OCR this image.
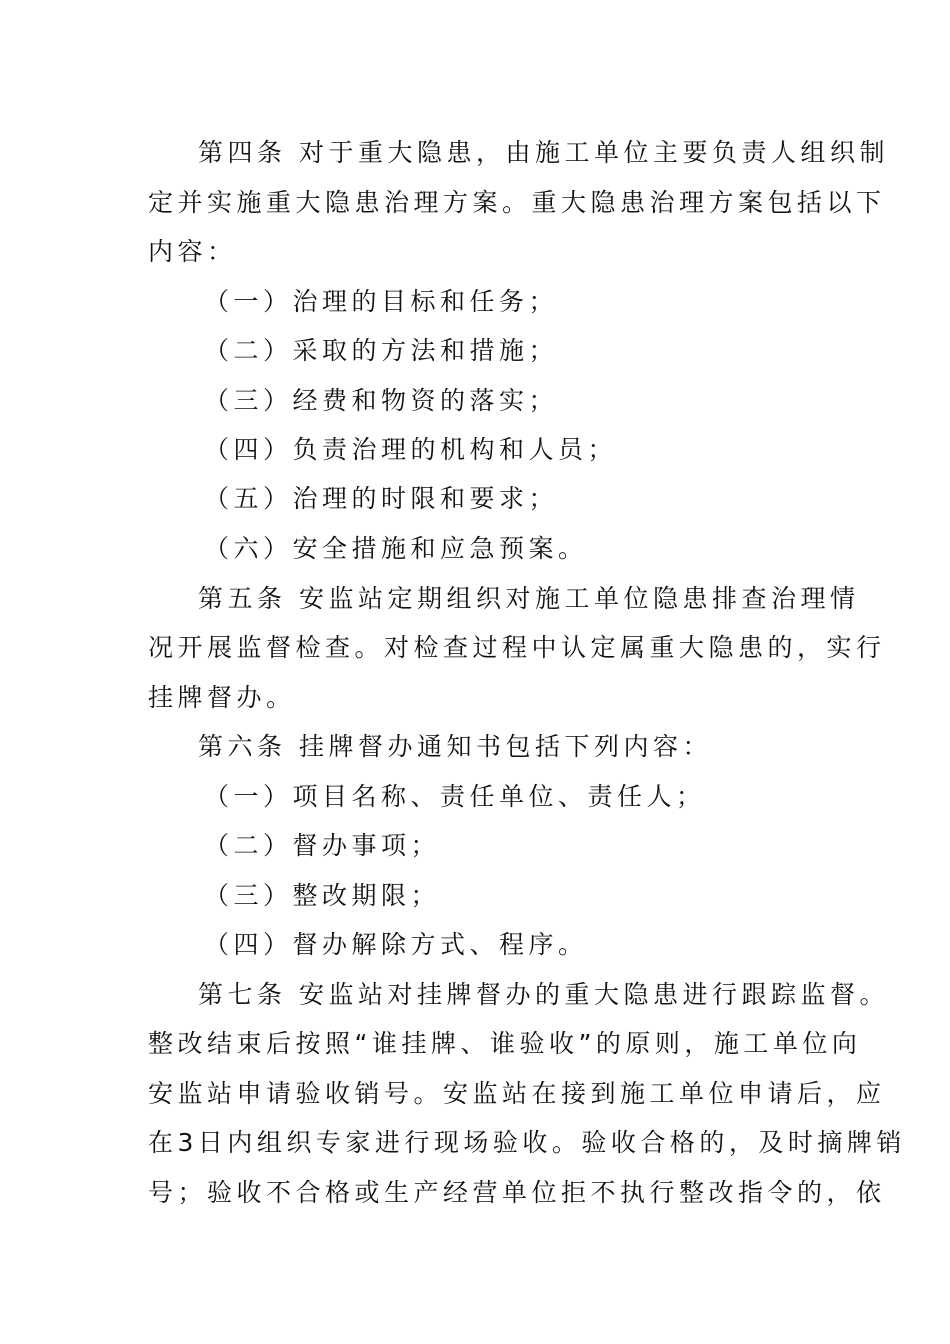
第四条 对于重大隐患，由施工单位主要负责人组织制
定并实施重大隐患治理方案。重大隐患治理方案包括以下
内容：
（一）治理的目标和任务；
（二）采取的方法和措施；
（三）经费和物资的落实；
（四）负责治理的机构和人员；
（五）治理的时限和要求；
（六）安全措施和应急预案。
第五条 安监站定期组织对施工单位隐患排查治理情
况开展监督检查。对检查过程中认定属重大隐患的，实行
挂牌督办。
第六条 挂牌督办通知书包括下列内容：
（一）项目名称、责任单位、责任人；
（二）督办事项；
（三）整改期限；
（四）督办解除方式、程序。
第七条 安监站对挂牌督办的重大隐患进行跟踪监督。
整改结束后按照“谁挂牌、谁验收”的原则，施工单位向
安监站申请验收销号。安监站在接到施工单位申请后，应
在3日内组织专家进行现场验收。验收合格的，及时摘牌销
号；验收不合格或生产经营单位拒不执行整改指令的，依
